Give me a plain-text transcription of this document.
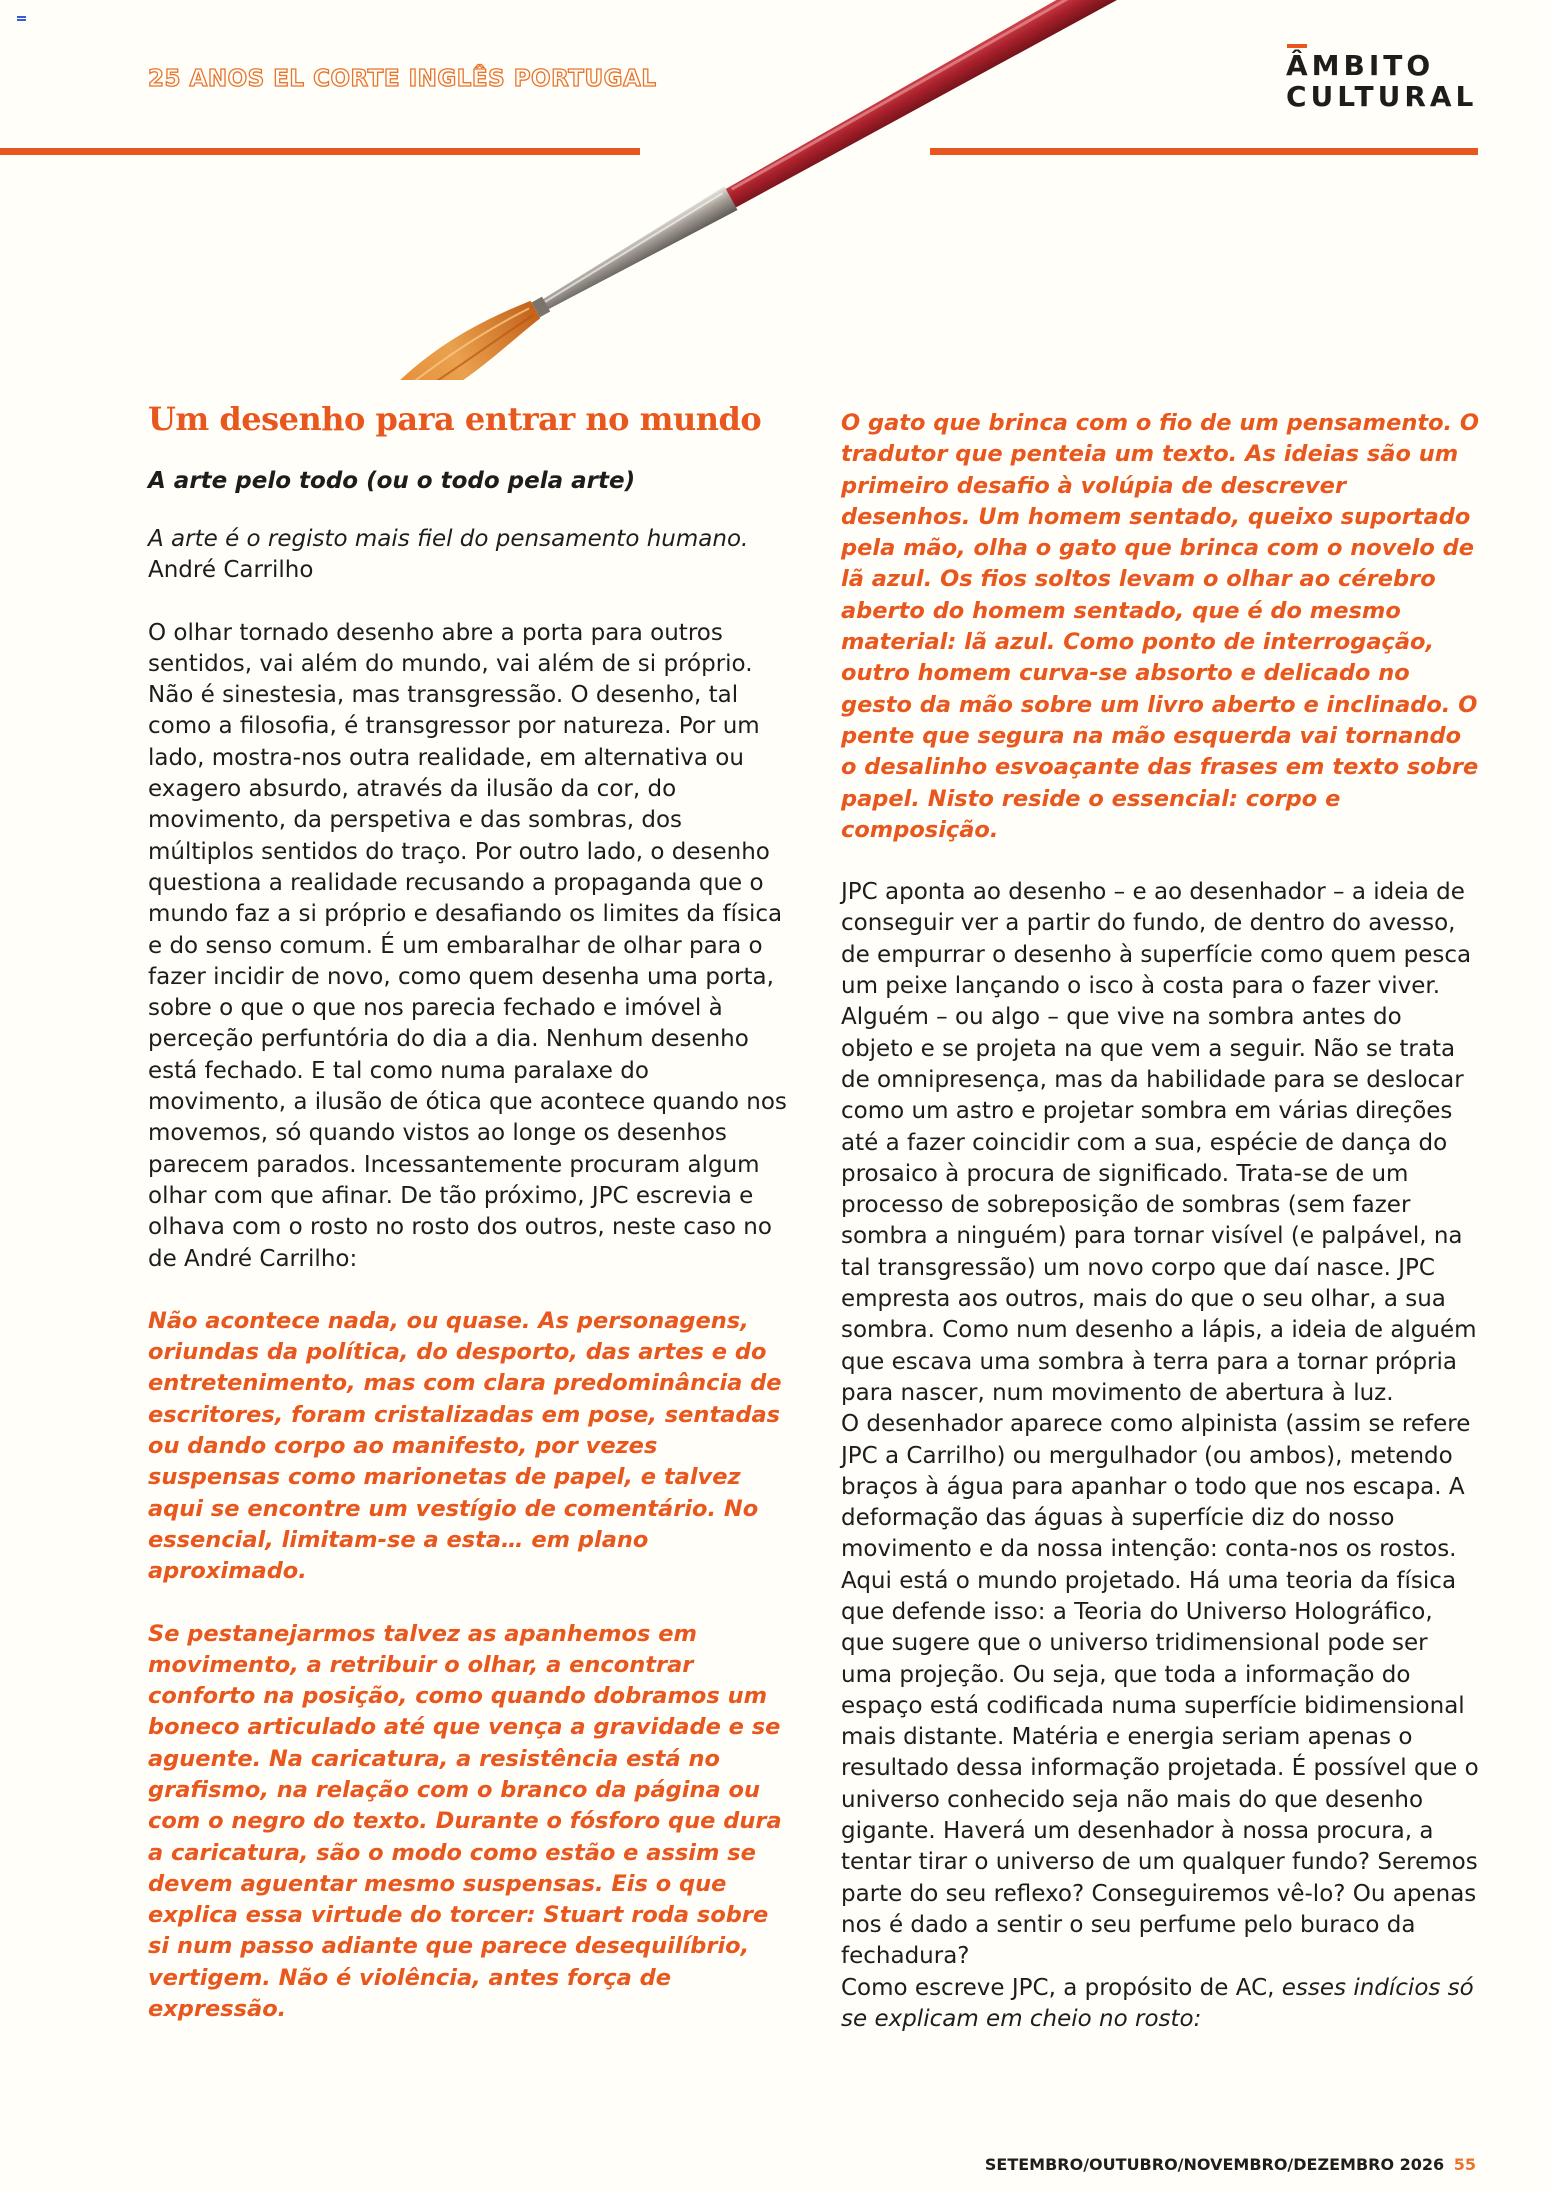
25 ANOS EL CORTE INGLÊS PORTUGAL	ÂMBITO
CULTURAL
Um desenho para entrar no mundo
A arte pelo todo (ou o todo pela arte)

A arte é o registo mais fiel do pensamento humano.
André Carrilho

O olhar tornado desenho abre a porta para outros sentidos, vai além do mundo, vai além de si próprio. Não é sinestesia, mas transgressão. O desenho, tal como a filosofia, é transgressor por natureza. Por um lado, mostra-nos outra realidade, em alternativa ou exagero absurdo, através da ilusão da cor, do movimento, da perspetiva e das sombras, dos múltiplos sentidos do traço. Por outro lado, o desenho questiona a realidade recusando a propaganda que o mundo faz a si próprio e desafiando os limites da física e do senso comum. É um embaralhar de olhar para o fazer incidir de novo, como quem desenha uma porta, sobre o que o que nos parecia fechado e imóvel à perceção perfuntória do dia a dia. Nenhum desenho está fechado. E tal como numa paralaxe do movimento, a ilusão de ótica que acontece quando nos movemos, só quando vistos ao longe os desenhos parecem parados. Incessantemente procuram algum olhar com que afinar. De tão próximo, JPC escrevia e olhava com o rosto no rosto dos outros, neste caso no de André Carrilho:

Não acontece nada, ou quase. As personagens, oriundas da política, do desporto, das artes e do entretenimento, mas com clara predominância de escritores, foram cristalizadas em pose, sentadas ou dando corpo ao manifesto, por vezes suspensas como marionetas de papel, e talvez aqui se encontre um vestígio de comentário. No essencial, limitam-se a esta… em plano aproximado.

Se pestanejarmos talvez as apanhemos em movimento, a retribuir o olhar, a encontrar conforto na posição, como quando dobramos um boneco articulado até que vença a gravidade e se aguente. Na caricatura, a resistência está no grafismo, na relação com o branco da página ou com o negro do texto. Durante o fósforo que dura a caricatura, são o modo como estão e assim se devem aguentar mesmo suspensas. Eis o que explica essa virtude do torcer: Stuart roda sobre si num passo adiante que parece desequilíbrio, vertigem. Não é violência, antes força de expressão.

O gato que brinca com o fio de um pensamento. O tradutor que penteia um texto. As ideias são um primeiro desafio à volúpia de descrever desenhos. Um homem sentado, queixo suportado pela mão, olha o gato que brinca com o novelo de lã azul. Os fios soltos levam o olhar ao cérebro aberto do homem sentado, que é do mesmo material: lã azul. Como ponto de interrogação, outro homem curva-se absorto e delicado no gesto da mão sobre um livro aberto e inclinado. O pente que segura na mão esquerda vai tornando o desalinho esvoaçante das frases em texto sobre papel. Nisto reside o essencial: corpo e composição.

JPC aponta ao desenho – e ao desenhador – a ideia de conseguir ver a partir do fundo, de dentro do avesso, de empurrar o desenho à superfície como quem pesca um peixe lançando o isco à costa para o fazer viver. Alguém – ou algo – que vive na sombra antes do objeto e se projeta na que vem a seguir. Não se trata de omnipresença, mas da habilidade para se deslocar como um astro e projetar sombra em várias direções até a fazer coincidir com a sua, espécie de dança do prosaico à procura de significado. Trata-se de um processo de sobreposição de sombras (sem fazer sombra a ninguém) para tornar visível (e palpável, na tal transgressão) um novo corpo que daí nasce. JPC empresta aos outros, mais do que o seu olhar, a sua sombra. Como num desenho a lápis, a ideia de alguém que escava uma sombra à terra para a tornar própria para nascer, num movimento de abertura à luz.

O desenhador aparece como alpinista (assim se refere JPC a Carrilho) ou mergulhador (ou ambos), metendo braços à água para apanhar o todo que nos escapa. A deformação das águas à superfície diz do nosso movimento e da nossa intenção: conta-nos os rostos. Aqui está o mundo projetado. Há uma teoria da física que defende isso: a Teoria do Universo Holográfico, que sugere que o universo tridimensional pode ser uma projeção. Ou seja, que toda a informação do espaço está codificada numa superfície bidimensional mais distante. Matéria e energia seriam apenas o resultado dessa informação projetada. É possível que o universo conhecido seja não mais do que desenho gigante. Haverá um desenhador à nossa procura, a tentar tirar o universo de um qualquer fundo? Seremos parte do seu reflexo? Conseguiremos vê-lo? Ou apenas nos é dado a sentir o seu perfume pelo buraco da fechadura?

Como escreve JPC, a propósito de AC, esses indícios só se explicam em cheio no rosto:

SETEMBRO/OUTUBRO/NOVEMBRO/DEZEMBRO 2026 55
